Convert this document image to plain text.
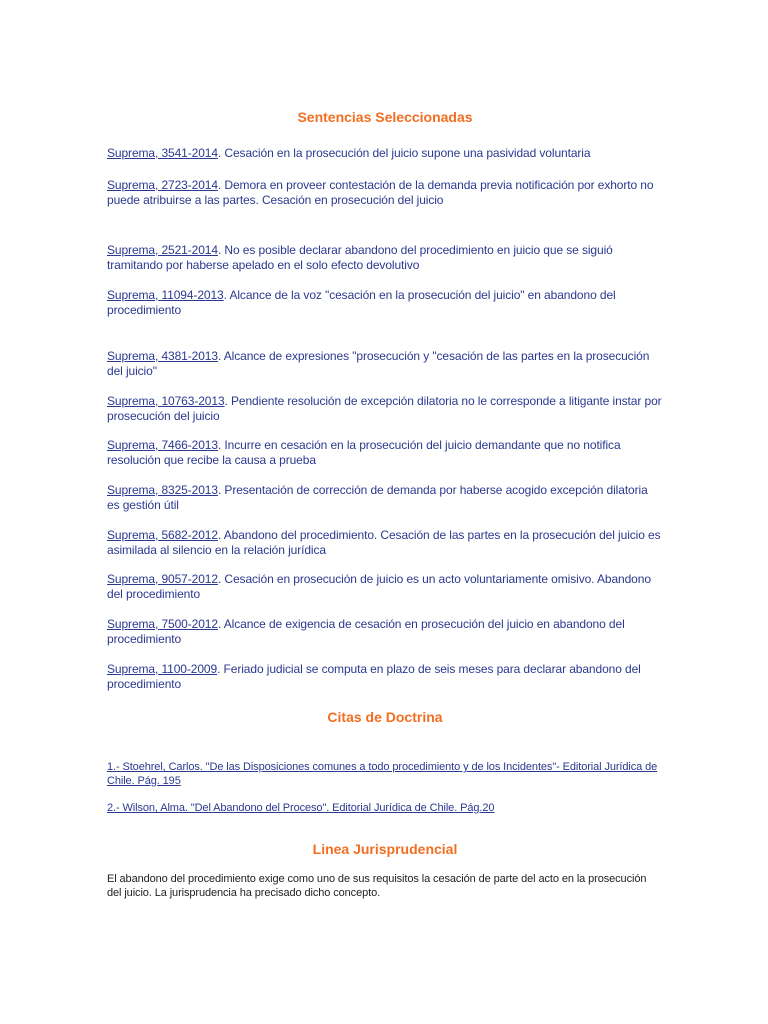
Sentencias Seleccionadas

Suprema, 3541-2014. Cesación en la prosecución del juicio supone una pasividad voluntaria

Suprema, 2723-2014. Demora en proveer contestación de la demanda previa notificación por exhorto no puede atribuirse a las partes. Cesación en prosecución del juicio

Suprema, 2521-2014. No es posible declarar abandono del procedimiento en juicio que se siguió tramitando por haberse apelado en el solo efecto devolutivo

Suprema, 11094-2013. Alcance de la voz "cesación en la prosecución del juicio" en abandono del procedimiento

Suprema, 4381-2013. Alcance de expresiones "prosecución y "cesación de las partes en la prosecución del juicio"

Suprema, 10763-2013. Pendiente resolución de excepción dilatoria no le corresponde a litigante instar por prosecución del juicio

Suprema, 7466-2013. Incurre en cesación en la prosecución del juicio demandante que no notifica resolución que recibe la causa a prueba

Suprema, 8325-2013. Presentación de corrección de demanda por haberse acogido excepción dilatoria es gestión útil

Suprema, 5682-2012. Abandono del procedimiento. Cesación de las partes en la prosecución del juicio es asimilada al silencio en la relación jurídica

Suprema, 9057-2012. Cesación en prosecución de juicio es un acto voluntariamente omisivo. Abandono del procedimiento

Suprema, 7500-2012. Alcance de exigencia de cesación en prosecución del juicio en abandono del procedimiento

Suprema, 1100-2009. Feriado judicial se computa en plazo de seis meses para declarar abandono del procedimiento

Citas de Doctrina

1.- Stoehrel, Carlos. "De las Disposiciones comunes a todo procedimiento y de los Incidentes"- Editorial Jurídica de Chile. Pág. 195

2.- Wilson, Alma. "Del Abandono del Proceso". Editorial Jurídica de Chile. Pág.20

Linea Jurisprudencial

El abandono del procedimiento exige como uno de sus requisitos la cesación de parte del acto en la prosecución del juicio. La jurisprudencia ha precisado dicho concepto.
